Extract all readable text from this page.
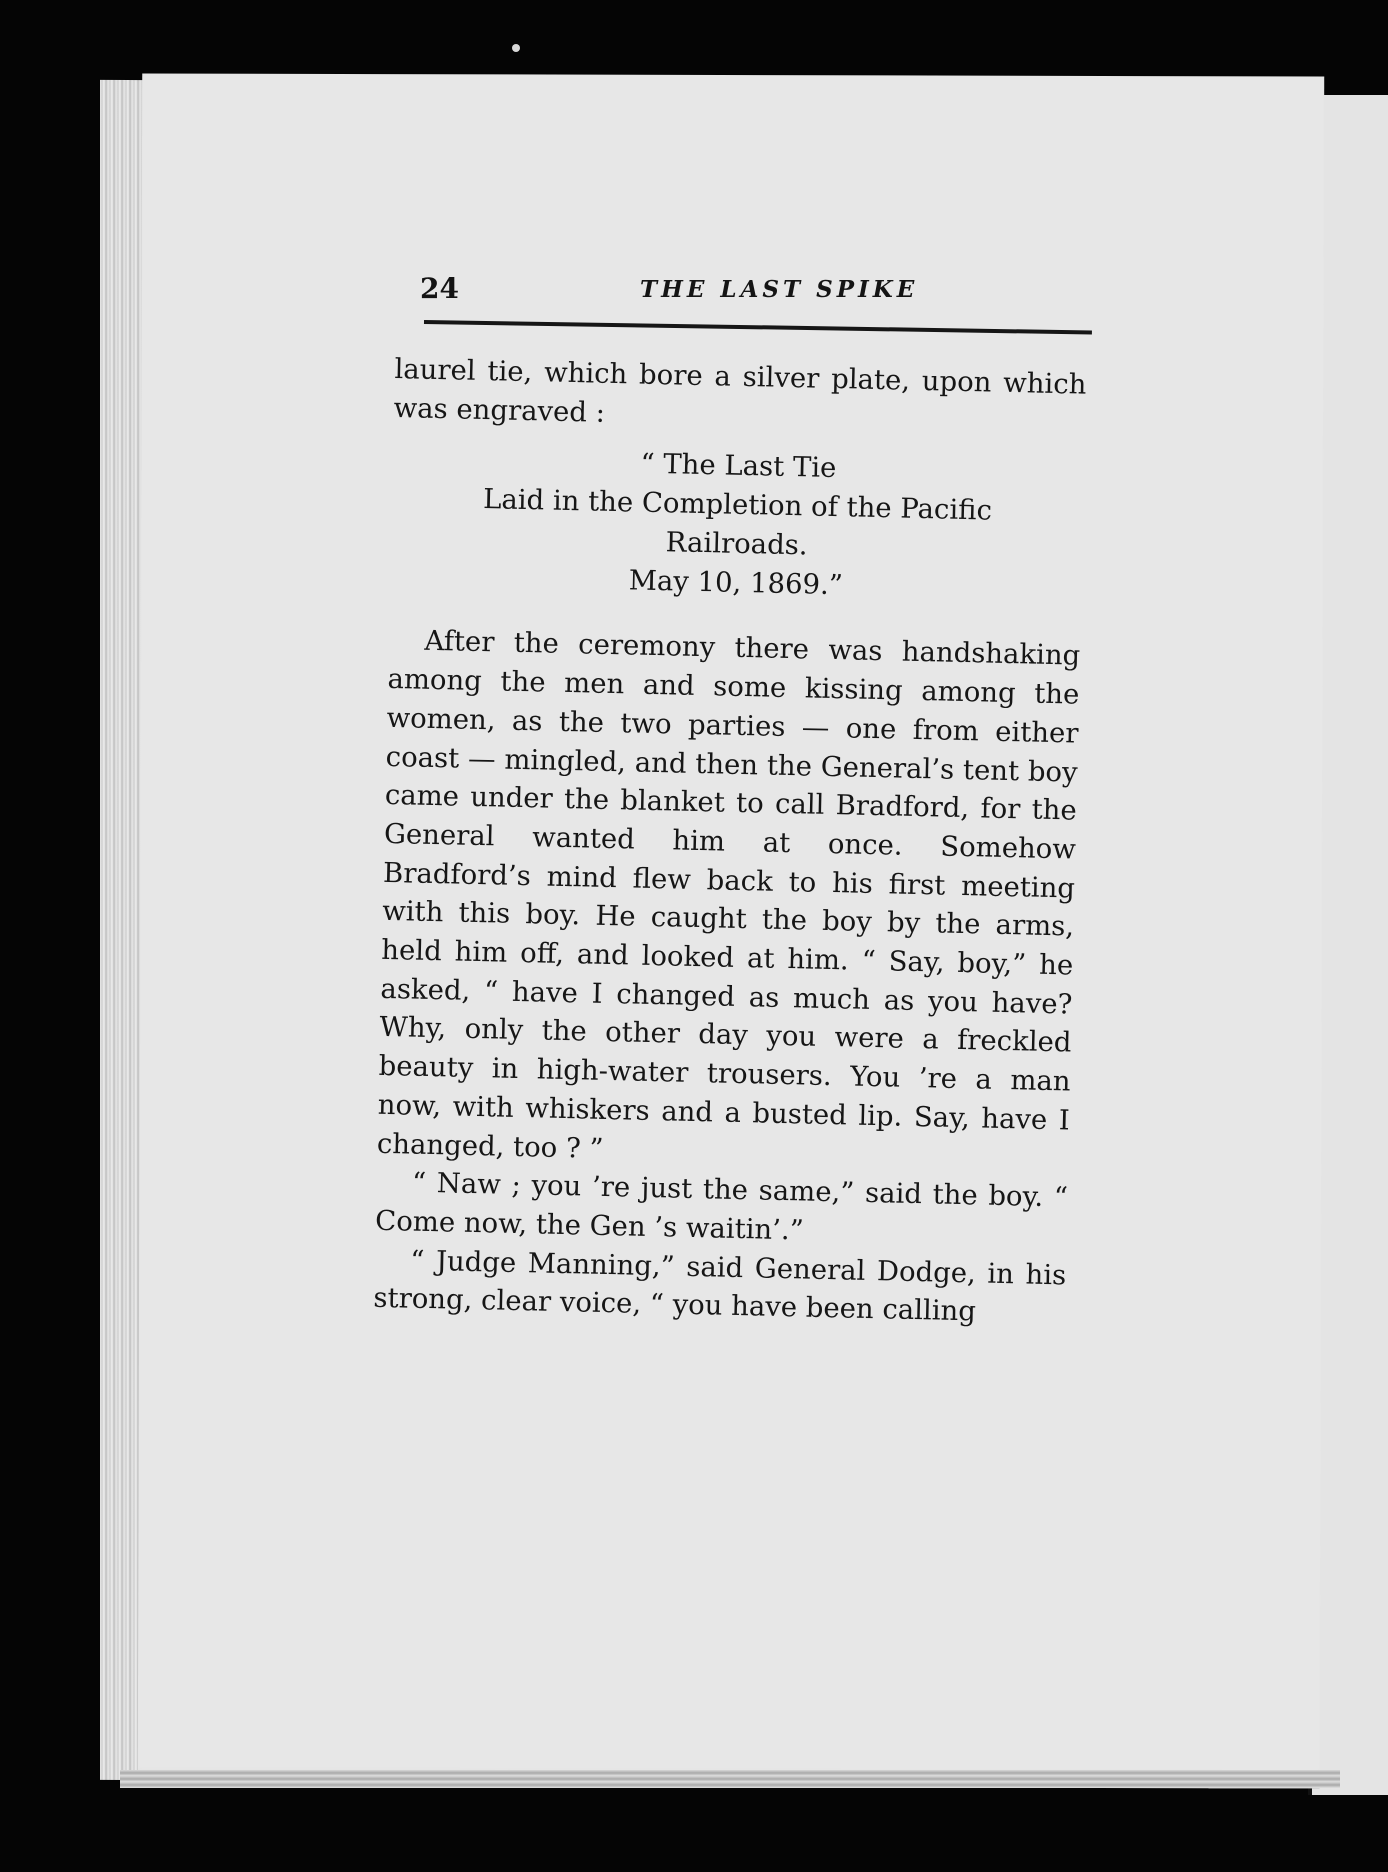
24	THE LAST SPIKE

laurel tie, which bore a silver plate, upon which was engraved :

“ The Last Tie
Laid in the Completion of the Pacific
Railroads.
May 10, 1869.”

After the ceremony there was handshaking among the men and some kissing among the women, as the two parties — one from either coast — mingled, and then the General’s tent boy came under the blanket to call Bradford, for the General wanted him at once. Somehow Bradford’s mind flew back to his first meeting with this boy. He caught the boy by the arms, held him off, and looked at him. “ Say, boy,” he asked, “ have I changed as much as you have? Why, only the other day you were a freckled beauty in high-water trousers. You ’re a man now, with whiskers and a busted lip. Say, have I changed, too ? ”

“ Naw ; you ’re just the same,” said the boy. “ Come now, the Gen ’s waitin’.”

“ Judge Manning,” said General Dodge, in his strong, clear voice, “ you have been calling
